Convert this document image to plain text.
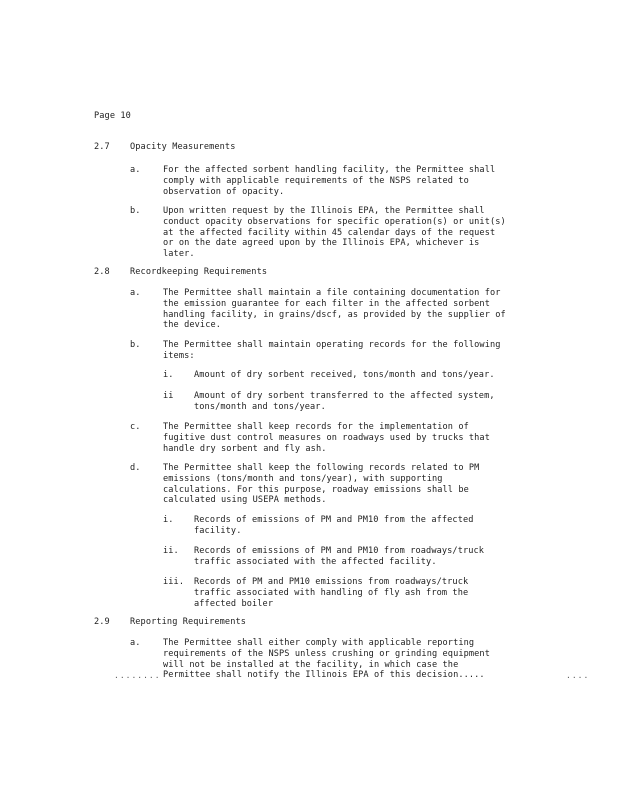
Page 10
2.7 Opacity Measurements
a.	For the affected sorbent handling facility, the Permittee shall
comply with applicable requirements of the NSPS related to
observation of opacity.
b.	Upon written request by the Illinois EPA, the Permittee shall
conduct opacity observations for specific operation(s) or unit(s)
at the affected facility within 45 calendar days of the request
or on the date agreed upon by the Illinois EPA, whichever is
later.
2.8 Recordkeeping Requirements
a.	The Permittee shall maintain a file containing documentation for
the emission guarantee for each filter in the affected sorbent
handling facility, in grains/dscf, as provided by the supplier of
the device.
b.	The Permittee shall maintain operating records for the following
items:
i. Amount of dry sorbent received, tons/month and tons/year.
ii Amount of dry sorbent transferred to the affected system,
tons/month and tons/year.
c.	The Permittee shall keep records for the implementation of
fugitive dust control measures on roadways used by trucks that
handle dry sorbent and fly ash.
d.	The Permittee shall keep the following records related to PM
emissions (tons/month and tons/year), with supporting
calculations. For this purpose, roadway emissions shall be
calculated using USEPA methods.
i. Records of emissions of PM and PM10 from the affected
facility.
ii. Records of emissions of PM and PM10 from roadways/truck
traffic associated with the affected facility.
iii. Records of PM and PM10 emissions from roadways/truck
traffic associated with handling of fly ash from the
affected boiler
2.9 Reporting Requirements
a.	The Permittee shall either comply with applicable reporting
requirements of the NSPS unless crushing or grinding equipment
will not be installed at the facility, in which case the
Permittee shall notify the Illinois EPA of this decision.....
........	....
